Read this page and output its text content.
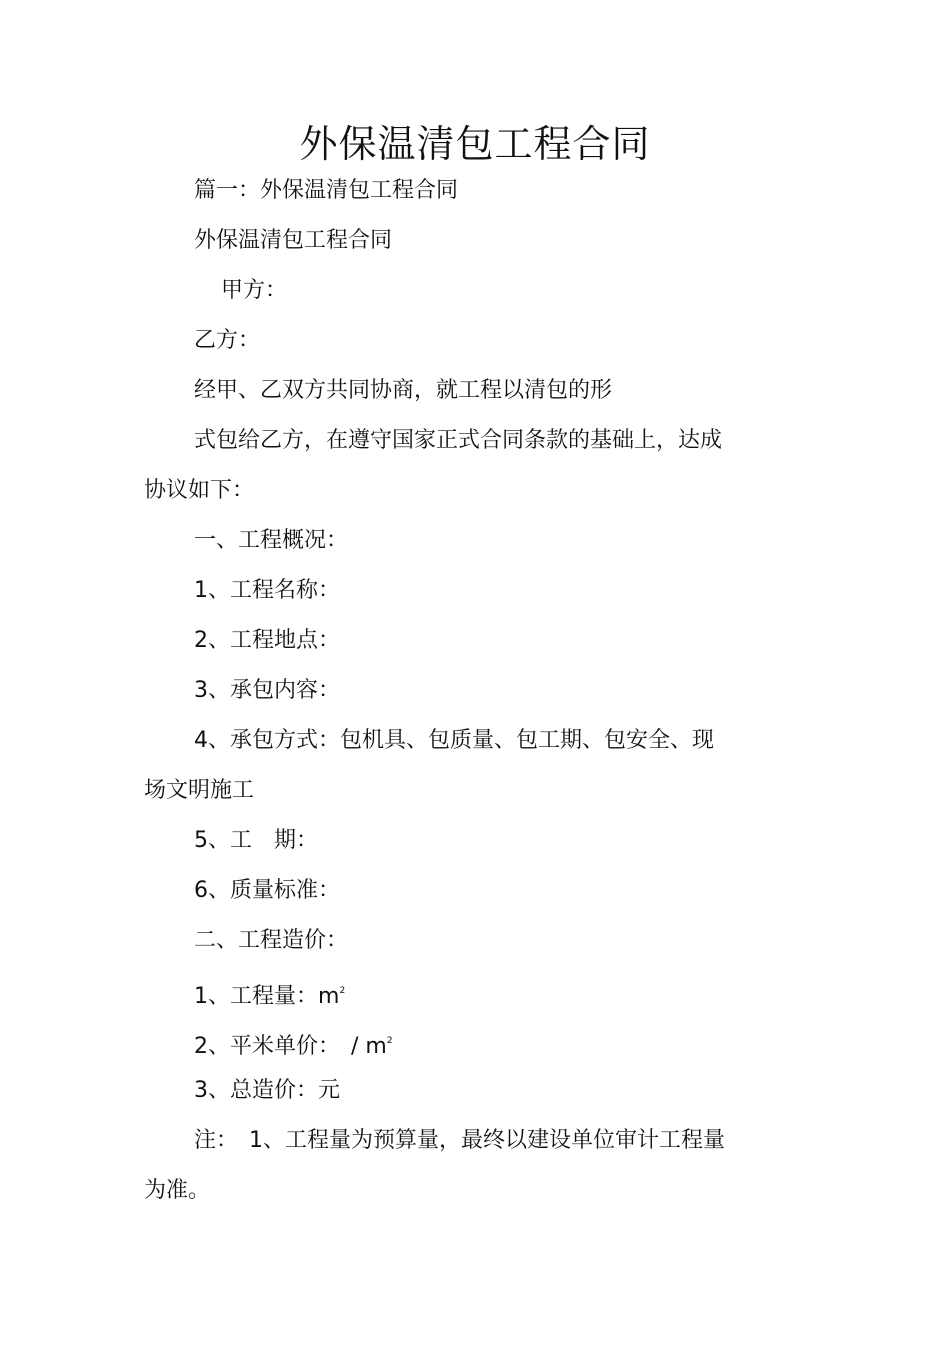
外保温清包工程合同
篇一：外保温清包工程合同
外保温清包工程合同
甲方：
乙方：
经甲、乙双方共同协商，就工程以清包的形
式包给乙方，在遵守国家正式合同条款的基础上，达成
协议如下：
一、工程概况：
1、工程名称：
2、工程地点：
3、承包内容：
4、承包方式：包机具、包质量、包工期、包安全、现
场文明施工
5、工　期：
6、质量标准：
二、工程造价：
1、工程量：$m^2$
2、平米单价：　/ $m^2$
3、总造价：元
注：　1、工程量为预算量，最终以建设单位审计工程量
为准。
